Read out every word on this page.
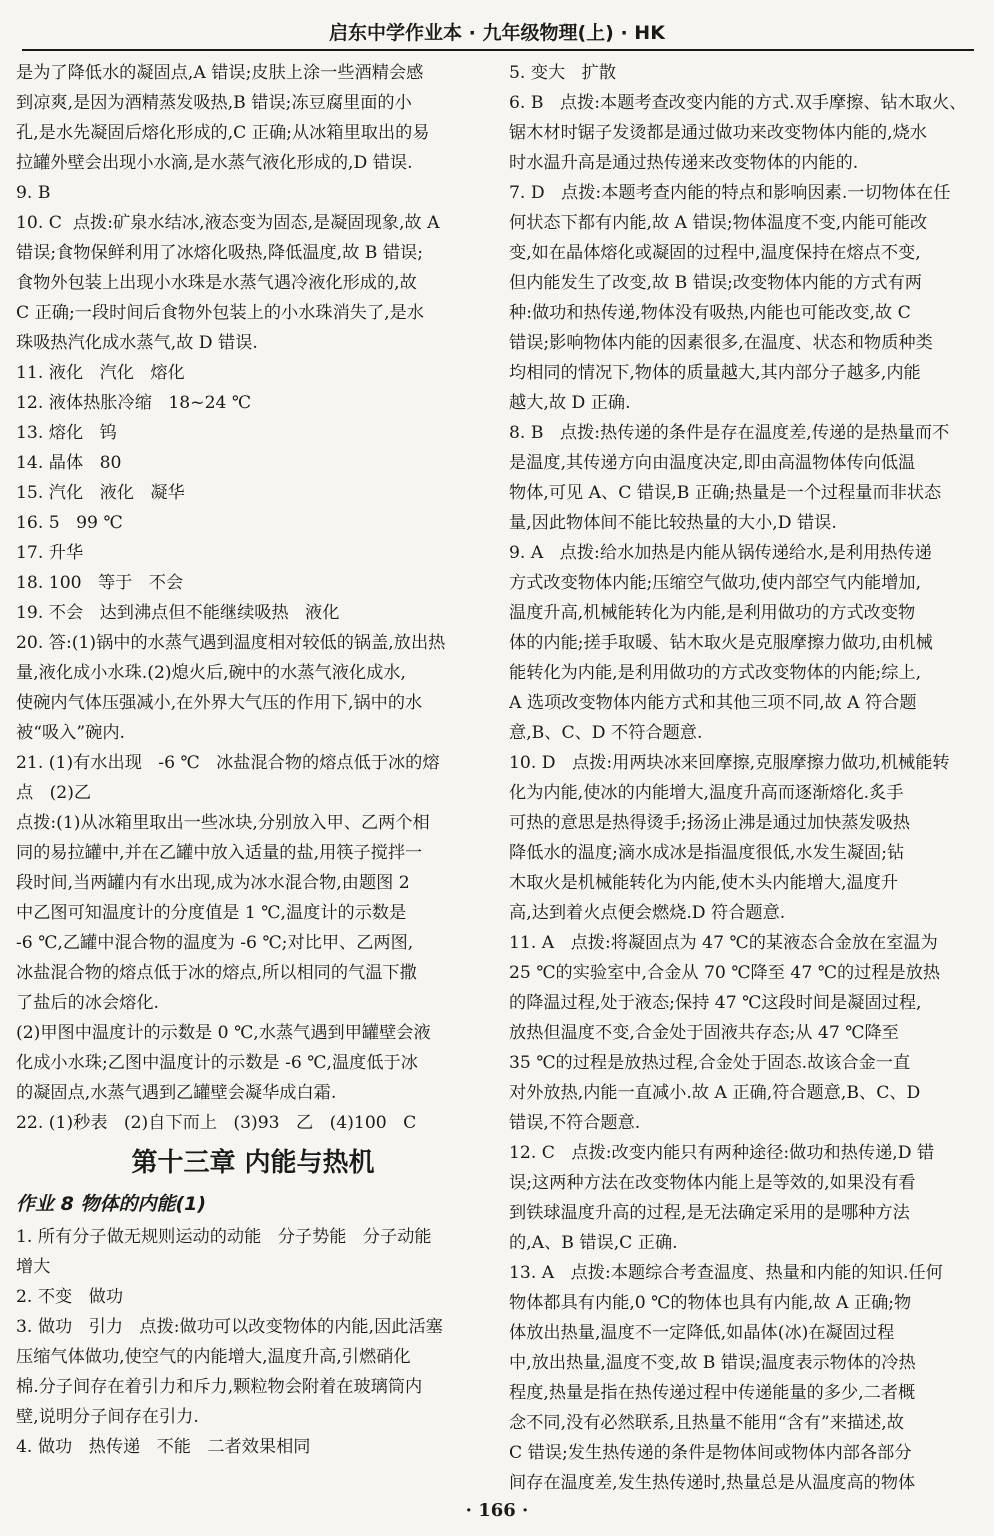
启东中学作业本 · 九年级物理(上) · HK
是为了降低水的凝固点,A 错误;皮肤上涂一些酒精会感
到凉爽,是因为酒精蒸发吸热,B 错误;冻豆腐里面的小
孔,是水先凝固后熔化形成的,C 正确;从冰箱里取出的易
拉罐外壁会出现小水滴,是水蒸气液化形成的,D 错误.
9. B
10. C  点拨:矿泉水结冰,液态变为固态,是凝固现象,故 A
错误;食物保鲜利用了冰熔化吸热,降低温度,故 B 错误;
食物外包装上出现小水珠是水蒸气遇冷液化形成的,故
C 正确;一段时间后食物外包装上的小水珠消失了,是水
珠吸热汽化成水蒸气,故 D 错误.
11. 液化   汽化   熔化
12. 液体热胀冷缩   18~24 ℃
13. 熔化   钨
14. 晶体   80
15. 汽化   液化   凝华
16. 5   99 ℃
17. 升华
18. 100   等于   不会
19. 不会   达到沸点但不能继续吸热   液化
20. 答:(1)锅中的水蒸气遇到温度相对较低的锅盖,放出热
量,液化成小水珠.(2)熄火后,碗中的水蒸气液化成水,
使碗内气体压强减小,在外界大气压的作用下,锅中的水
被“吸入”碗内.
21. (1)有水出现   -6 ℃   冰盐混合物的熔点低于冰的熔
点   (2)乙
点拨:(1)从冰箱里取出一些冰块,分别放入甲、乙两个相
同的易拉罐中,并在乙罐中放入适量的盐,用筷子搅拌一
段时间,当两罐内有水出现,成为冰水混合物,由题图 2
中乙图可知温度计的分度值是 1 ℃,温度计的示数是
-6 ℃,乙罐中混合物的温度为 -6 ℃;对比甲、乙两图,
冰盐混合物的熔点低于冰的熔点,所以相同的气温下撒
了盐后的冰会熔化.
(2)甲图中温度计的示数是 0 ℃,水蒸气遇到甲罐壁会液
化成小水珠;乙图中温度计的示数是 -6 ℃,温度低于冰
的凝固点,水蒸气遇到乙罐壁会凝华成白霜.
22. (1)秒表   (2)自下而上   (3)93   乙   (4)100   C
第十三章 内能与热机
作业 8 物体的内能(1)
1. 所有分子做无规则运动的动能   分子势能   分子动能
增大
2. 不变   做功
3. 做功   引力   点拨:做功可以改变物体的内能,因此活塞
压缩气体做功,使空气的内能增大,温度升高,引燃硝化
棉.分子间存在着引力和斥力,颗粒物会附着在玻璃筒内
壁,说明分子间存在引力.
4. 做功   热传递   不能   二者效果相同
5. 变大   扩散
6. B   点拨:本题考查改变内能的方式.双手摩擦、钻木取火、
锯木材时锯子发烫都是通过做功来改变物体内能的,烧水
时水温升高是通过热传递来改变物体的内能的.
7. D   点拨:本题考查内能的特点和影响因素.一切物体在任
何状态下都有内能,故 A 错误;物体温度不变,内能可能改
变,如在晶体熔化或凝固的过程中,温度保持在熔点不变,
但内能发生了改变,故 B 错误;改变物体内能的方式有两
种:做功和热传递,物体没有吸热,内能也可能改变,故 C
错误;影响物体内能的因素很多,在温度、状态和物质种类
均相同的情况下,物体的质量越大,其内部分子越多,内能
越大,故 D 正确.
8. B   点拨:热传递的条件是存在温度差,传递的是热量而不
是温度,其传递方向由温度决定,即由高温物体传向低温
物体,可见 A、C 错误,B 正确;热量是一个过程量而非状态
量,因此物体间不能比较热量的大小,D 错误.
9. A   点拨:给水加热是内能从锅传递给水,是利用热传递
方式改变物体内能;压缩空气做功,使内部空气内能增加,
温度升高,机械能转化为内能,是利用做功的方式改变物
体的内能;搓手取暖、钻木取火是克服摩擦力做功,由机械
能转化为内能,是利用做功的方式改变物体的内能;综上,
A 选项改变物体内能方式和其他三项不同,故 A 符合题
意,B、C、D 不符合题意.
10. D   点拨:用两块冰来回摩擦,克服摩擦力做功,机械能转
化为内能,使冰的内能增大,温度升高而逐渐熔化.炙手
可热的意思是热得烫手;扬汤止沸是通过加快蒸发吸热
降低水的温度;滴水成冰是指温度很低,水发生凝固;钻
木取火是机械能转化为内能,使木头内能增大,温度升
高,达到着火点便会燃烧.D 符合题意.
11. A   点拨:将凝固点为 47 ℃的某液态合金放在室温为
25 ℃的实验室中,合金从 70 ℃降至 47 ℃的过程是放热
的降温过程,处于液态;保持 47 ℃这段时间是凝固过程,
放热但温度不变,合金处于固液共存态;从 47 ℃降至
35 ℃的过程是放热过程,合金处于固态.故该合金一直
对外放热,内能一直减小.故 A 正确,符合题意,B、C、D
错误,不符合题意.
12. C   点拨:改变内能只有两种途径:做功和热传递,D 错
误;这两种方法在改变物体内能上是等效的,如果没有看
到铁球温度升高的过程,是无法确定采用的是哪种方法
的,A、B 错误,C 正确.
13. A   点拨:本题综合考查温度、热量和内能的知识.任何
物体都具有内能,0 ℃的物体也具有内能,故 A 正确;物
体放出热量,温度不一定降低,如晶体(冰)在凝固过程
中,放出热量,温度不变,故 B 错误;温度表示物体的冷热
程度,热量是指在热传递过程中传递能量的多少,二者概
念不同,没有必然联系,且热量不能用“含有”来描述,故
C 错误;发生热传递的条件是物体间或物体内部各部分
间存在温度差,发生热传递时,热量总是从温度高的物体
· 166 ·
